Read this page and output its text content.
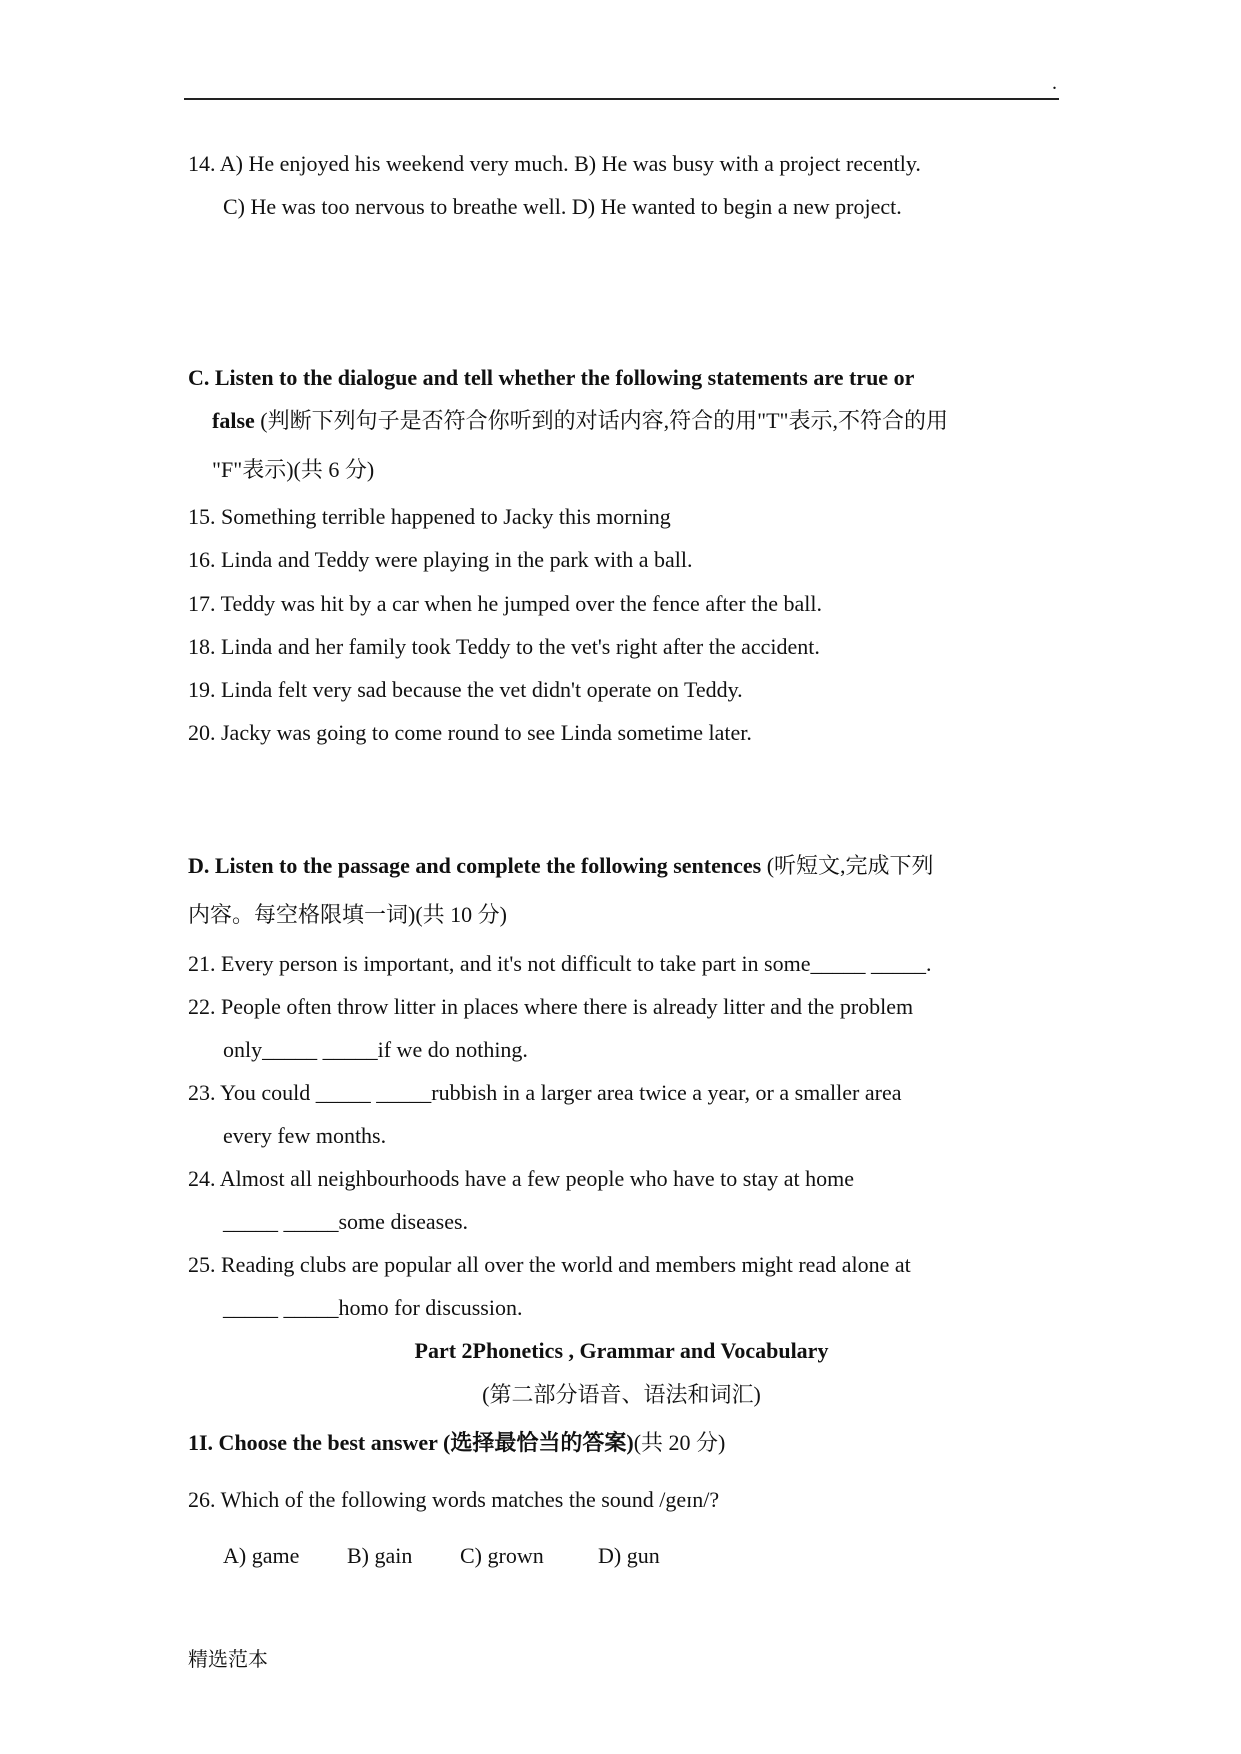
.
14. A) He enjoyed his weekend very much. B) He was busy with a project recently.
C) He was too nervous to breathe well. D) He wanted to begin a new project.
C. Listen to the dialogue and tell whether the following statements are true or
false (判断下列句子是否符合你听到的对话内容,符合的用"T"表示,不符合的用
"F"表示)(共 6 分)
15. Something terrible happened to Jacky this morning
16. Linda and Teddy were playing in the park with a ball.
17. Teddy was hit by a car when he jumped over the fence after the ball.
18. Linda and her family took Teddy to the vet's right after the accident.
19. Linda felt very sad because the vet didn't operate on Teddy.
20. Jacky was going to come round to see Linda sometime later.
D. Listen to the passage and complete the following sentences (听短文,完成下列
内容。每空格限填一词)(共 10 分)
21. Every person is important, and it's not difficult to take part in some_____ _____.
22. People often throw litter in places where there is already litter and the problem
only_____ _____if we do nothing.
23. You could _____ _____rubbish in a larger area twice a year, or a smaller area
every few months.
24. Almost all neighbourhoods have a few people who have to stay at home
_____ _____some diseases.
25. Reading clubs are popular all over the world and members might read alone at
_____ _____homo for discussion.
Part 2Phonetics , Grammar and Vocabulary
(第二部分语音、语法和词汇)
1I. Choose the best answer (选择最恰当的答案)(共 20 分)
26. Which of the following words matches the sound /geɪn/?
A) game B) gain C) grown D) gun
精选范本
